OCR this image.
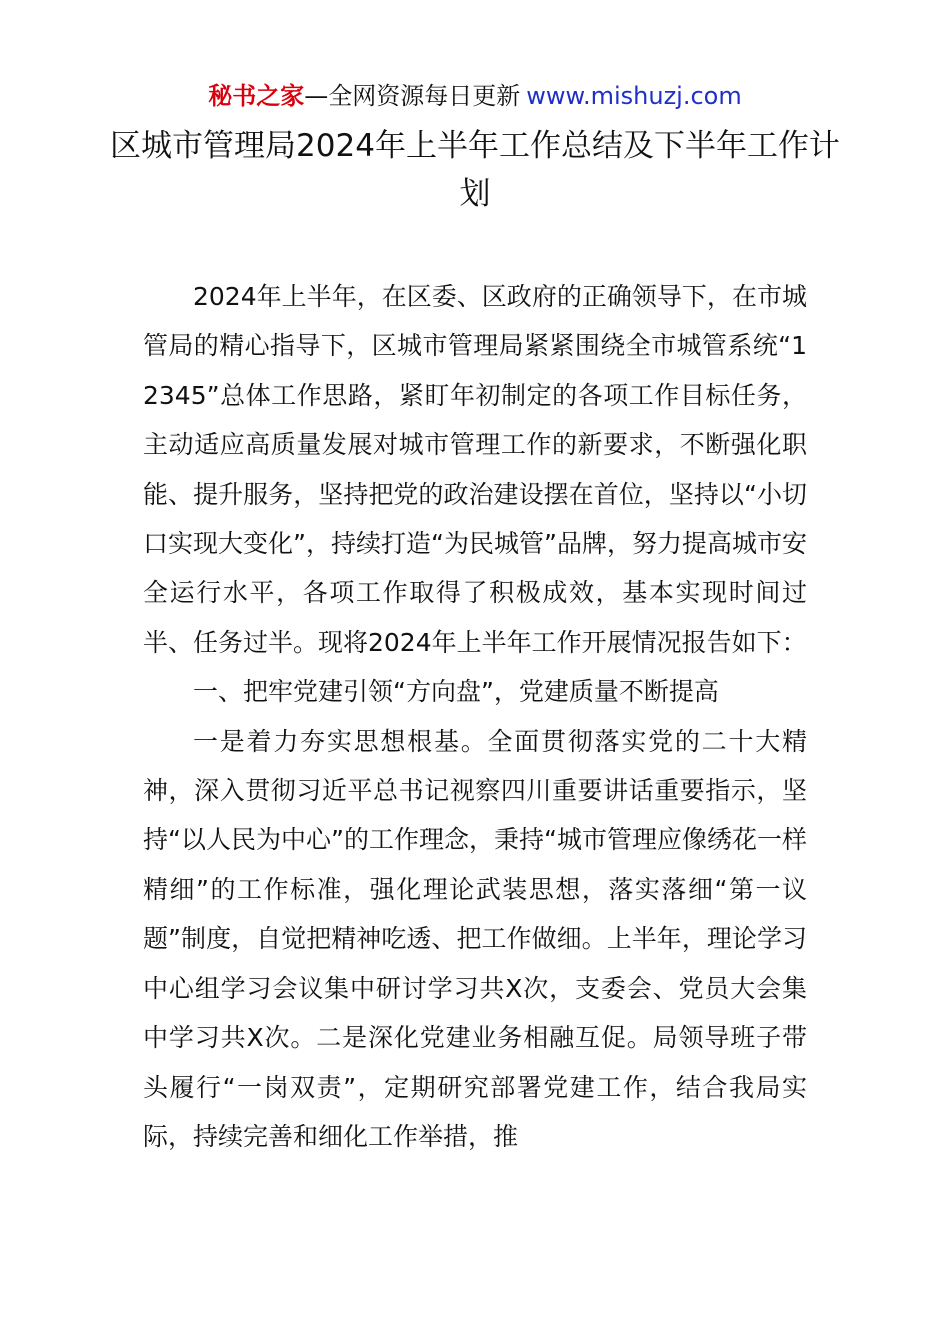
秘书之家—全网资源每日更新 www.mishuzj.com
区城市管理局2024年上半年工作总结及下半年工作计划

2024年上半年，在区委、区政府的正确领导下，在市城管局的精心指导下，区城市管理局紧紧围绕全市城管系统“12345”总体工作思路，紧盯年初制定的各项工作目标任务，主动适应高质量发展对城市管理工作的新要求，不断强化职能、提升服务，坚持把党的政治建设摆在首位，坚持以“小切口实现大变化”，持续打造“为民城管”品牌，努力提高城市安全运行水平，各项工作取得了积极成效，基本实现时间过半、任务过半。现将2024年上半年工作开展情况报告如下：

一、把牢党建引领“方向盘”，党建质量不断提高

一是着力夯实思想根基。全面贯彻落实党的二十大精神，深入贯彻习近平总书记视察四川重要讲话重要指示，坚持“以人民为中心”的工作理念，秉持“城市管理应像绣花一样精细”的工作标准，强化理论武装思想，落实落细“第一议题”制度，自觉把精神吃透、把工作做细。上半年，理论学习中心组学习会议集中研讨学习共X次，支委会、党员大会集中学习共X次。二是深化党建业务相融互促。局领导班子带头履行“一岗双责”，定期研究部署党建工作，结合我局实际，持续完善和细化工作举措，推
